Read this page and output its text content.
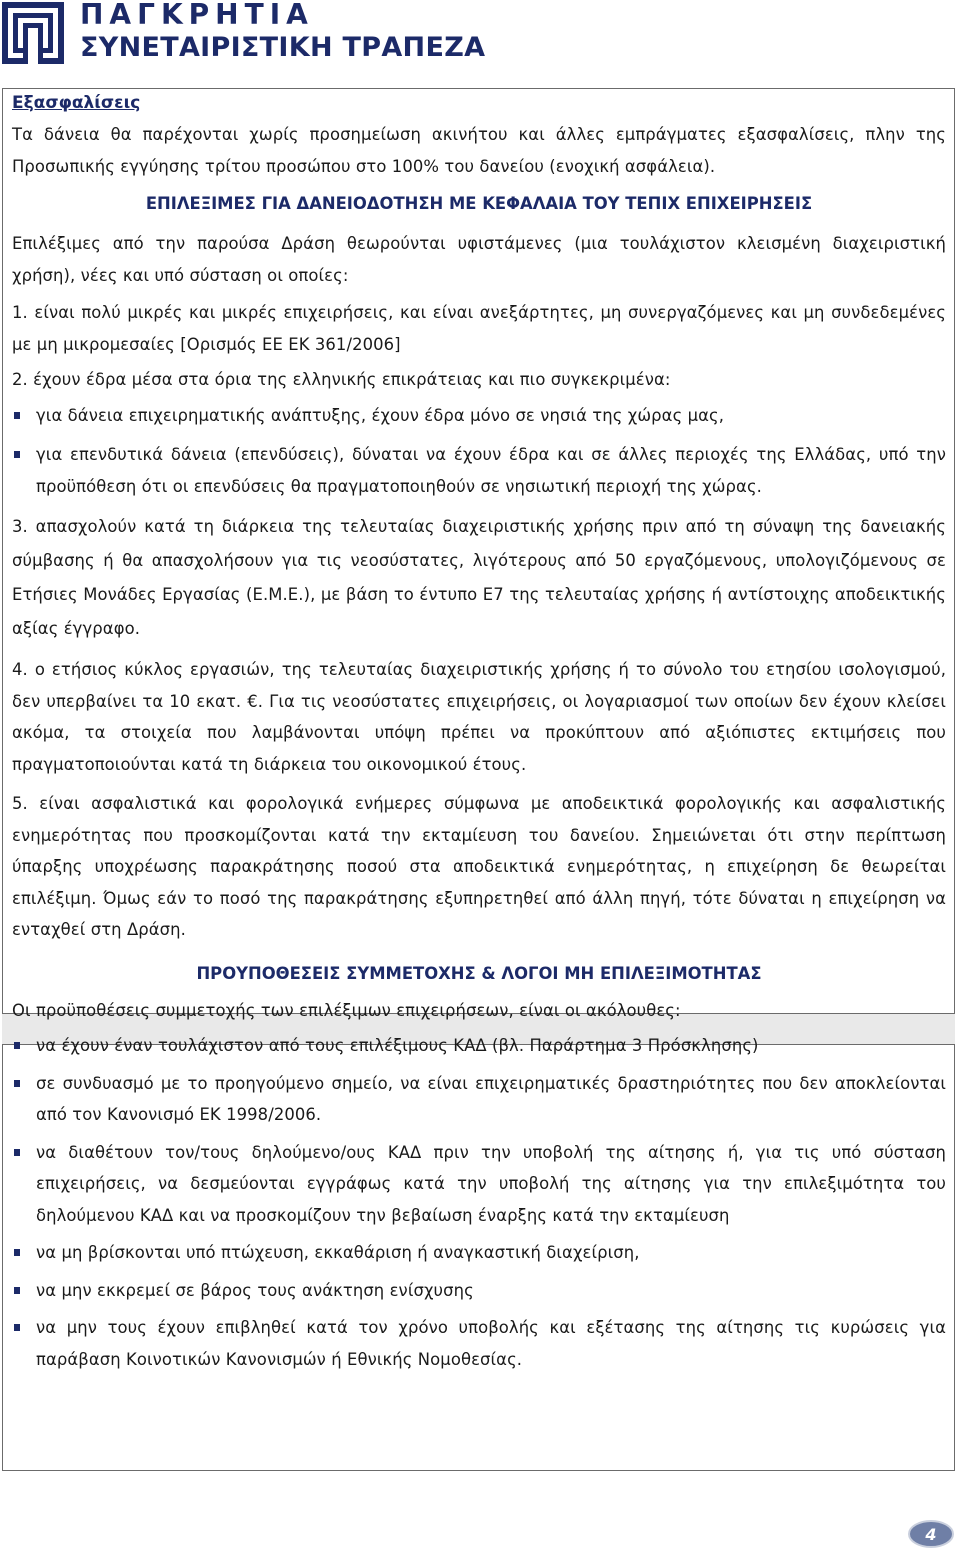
ΠΑΓΚΡΗΤΙΑ
ΣΥΝΕΤΑΙΡΙΣΤΙΚΗ ΤΡΑΠΕΖΑ

Εξασφαλίσεις

Τα δάνεια θα παρέχονται χωρίς προσημείωση ακινήτου και άλλες εμπράγματες εξασφαλίσεις, πλην της Προσωπικής εγγύησης τρίτου προσώπου στο 100% του δανείου (ενοχική ασφάλεια).

ΕΠΙΛΕΞΙΜΕΣ ΓΙΑ ΔΑΝΕΙΟΔΟΤΗΣΗ ΜΕ ΚΕΦΑΛΑΙΑ ΤΟΥ ΤΕΠΙΧ ΕΠΙΧΕΙΡΗΣΕΙΣ

Επιλέξιμες από την παρούσα Δράση θεωρούνται υφιστάμενες (μια τουλάχιστον κλεισμένη διαχειριστική χρήση), νέες και υπό σύσταση οι οποίες:

1. είναι πολύ μικρές και μικρές επιχειρήσεις, και είναι ανεξάρτητες, μη συνεργαζόμενες και μη συνδεδεμένες με μη μικρομεσαίες [Ορισμός ΕΕ ΕΚ 361/2006]

2. έχουν έδρα μέσα στα όρια της ελληνικής επικράτειας και πιο συγκεκριμένα:

για δάνεια επιχειρηματικής ανάπτυξης, έχουν έδρα μόνο σε νησιά της χώρας μας,
για επενδυτικά δάνεια (επενδύσεις), δύναται να έχουν έδρα και σε άλλες περιοχές της Ελλάδας, υπό την προϋπόθεση ότι οι επενδύσεις θα πραγματοποιηθούν σε νησιωτική περιοχή της χώρας.

3. απασχολούν κατά τη διάρκεια της τελευταίας διαχειριστικής χρήσης πριν από τη σύναψη της δανειακής σύμβασης ή θα απασχολήσουν για τις νεοσύστατες, λιγότερους από 50 εργαζόμενους, υπολογιζόμενους σε Ετήσιες Μονάδες Εργασίας (Ε.Μ.Ε.), με βάση το έντυπο Ε7 της τελευταίας χρήσης ή αντίστοιχης αποδεικτικής αξίας έγγραφο.

4. ο ετήσιος κύκλος εργασιών, της τελευταίας διαχειριστικής χρήσης ή το σύνολο του ετησίου ισολογισμού, δεν υπερβαίνει τα 10 εκατ. €. Για τις νεοσύστατες επιχειρήσεις, οι λογαριασμοί των οποίων δεν έχουν κλείσει ακόμα, τα στοιχεία που λαμβάνονται υπόψη πρέπει να προκύπτουν από αξιόπιστες εκτιμήσεις που πραγματοποιούνται κατά τη διάρκεια του οικονομικού έτους.

5. είναι ασφαλιστικά και φορολογικά ενήμερες σύμφωνα με αποδεικτικά φορολογικής και ασφαλιστικής ενημερότητας που προσκομίζονται κατά την εκταμίευση του δανείου. Σημειώνεται ότι στην περίπτωση ύπαρξης υποχρέωσης παρακράτησης ποσού στα αποδεικτικά ενημερότητας, η επιχείρηση δε θεωρείται επιλέξιμη. Όμως εάν το ποσό της παρακράτησης εξυπηρετηθεί από άλλη πηγή, τότε δύναται η επιχείρηση να ενταχθεί στη Δράση.

ΠΡΟΥΠΟΘΕΣΕΙΣ ΣΥΜΜΕΤΟΧΗΣ & ΛΟΓΟΙ ΜΗ ΕΠΙΛΕΞΙΜΟΤΗΤΑΣ

Οι προϋποθέσεις συμμετοχής των επιλέξιμων επιχειρήσεων, είναι οι ακόλουθες:

να έχουν έναν τουλάχιστον από τους επιλέξιμους ΚΑΔ (βλ. Παράρτημα 3 Πρόσκλησης)
σε συνδυασμό με το προηγούμενο σημείο, να είναι επιχειρηματικές δραστηριότητες που δεν αποκλείονται από τον Κανονισμό ΕΚ 1998/2006.
να διαθέτουν τον/τους δηλούμενο/ους ΚΑΔ πριν την υποβολή της αίτησης ή, για τις υπό σύσταση επιχειρήσεις, να δεσμεύονται εγγράφως κατά την υποβολή της αίτησης για την επιλεξιμότητα του δηλούμενου ΚΑΔ και να προσκομίζουν την βεβαίωση έναρξης κατά την εκταμίευση
να μη βρίσκονται υπό πτώχευση, εκκαθάριση ή αναγκαστική διαχείριση,
να μην εκκρεμεί σε βάρος τους ανάκτηση ενίσχυσης
να μην τους έχουν επιβληθεί κατά τον χρόνο υποβολής και εξέτασης της αίτησης τις κυρώσεις για παράβαση Κοινοτικών Κανονισμών ή Εθνικής Νομοθεσίας.
4
